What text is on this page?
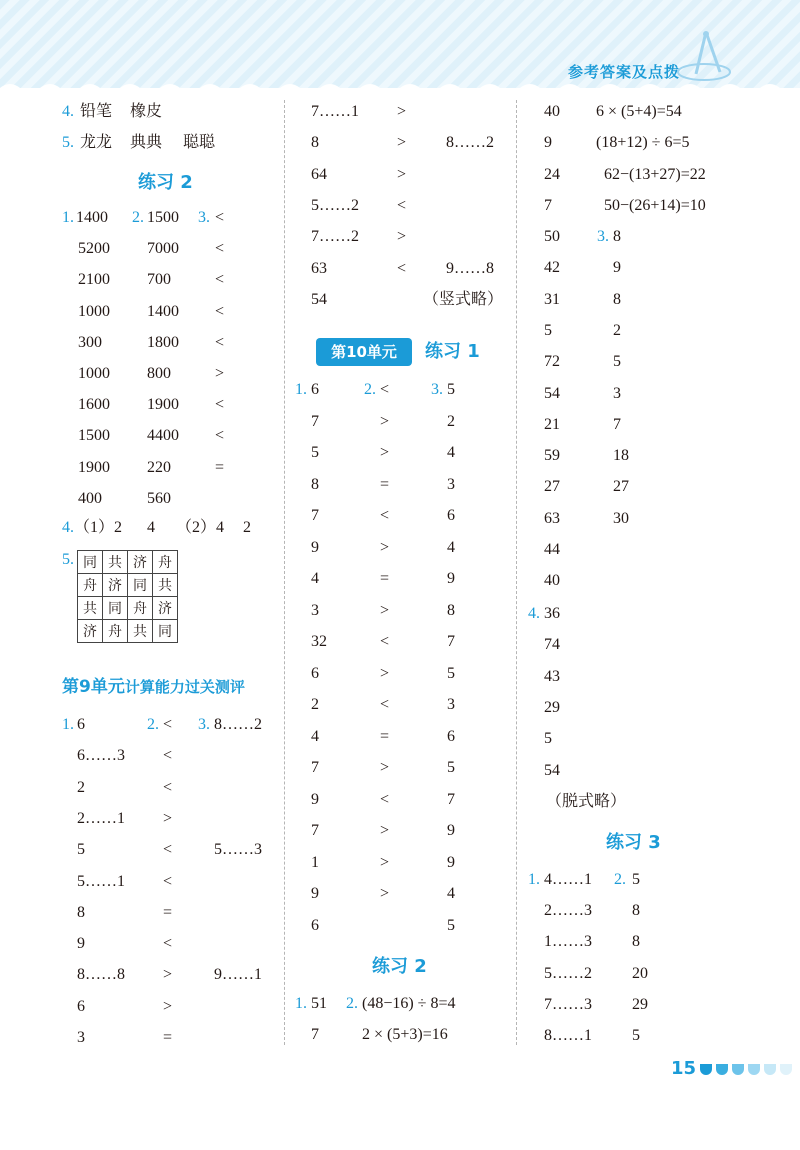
参考答案及点拨
4. 铅笔 橡皮
5. 龙龙 典典 聪聪
练习 2
1400 1500 <
5200 7000 <
2100 700	<
1000 1400 <
300	1800 <
1000 800	>
1600 1900 <
1500 4400 <
1900 220	=
400	560
1.	2.	3.
4. （1）2 4 （2）4 2
5. 同	共	济	舟
舟	济	同	共
共	同	舟	济
济	舟	共	同
第9单元计算能力过关测评
6	<	8……2
6……3 <
2	<
2……1 >
5	<	5……3
5……1 <
8	=
9	<
8……8 >	9……1
6	>
3	=
1.	2. 3.
7……1 >
8	> 8……2
64	>
5……2 <
7……2 >
63	< 9……8
54	（竖式略）
第10单元	练习 1
6	<	5
7	>	2
5	>	4
8	=	3
7	<	6
9	>	4
4	=	9
3	>	8
32	<	7
6	>	5
2	<	3
4	=	6
7	>	5
9	<	7
7	>	9
1	>	9
9	>	4
6	5
1.	2.	3.
练习 2
51 (48−16) ÷ 8=4
7	2 × (5+3)=16
1. 2.
40 6 × (5+4)=54
9	(18+12) ÷ 6=5
24	62−(13+27)=22
7	50−(26+14)=10
3.
50	8
42	9
31	8
5	2
72	5
54	3
21	7
59	18
27	27
63	30
44
40
4. 36
74
43
29
5
54
（脱式略）
练习 3
4……1	5
2……3	8
1……3	8
5……2	20
7……3	29
8……1	5
1.	2.
15
